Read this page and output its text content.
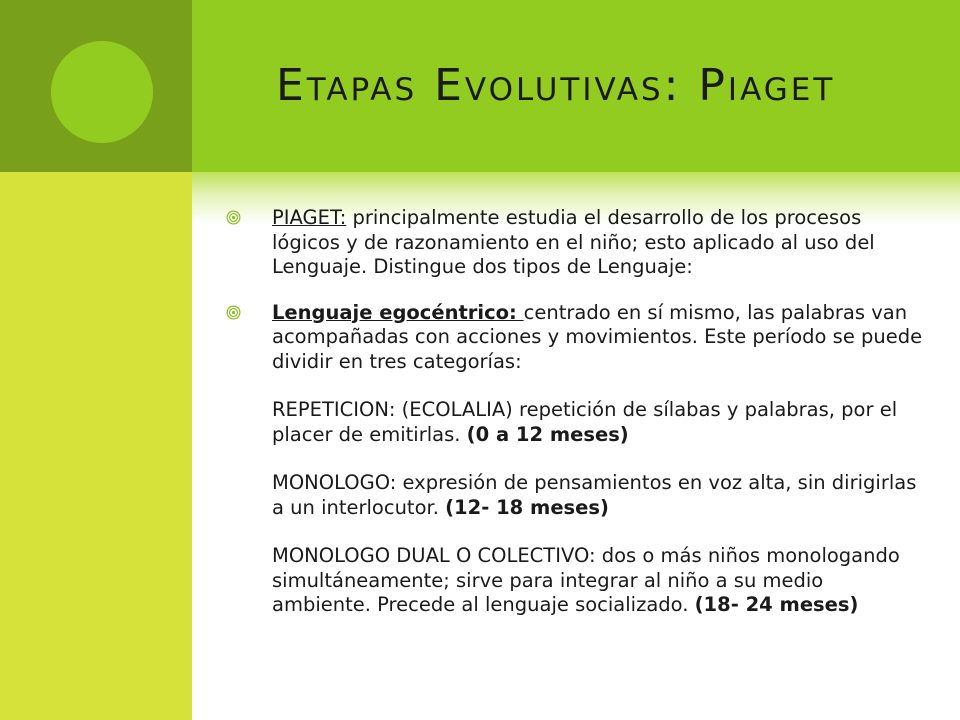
Etapas Evolutivas: Piaget

PIAGET: principalmente estudia el desarrollo de los procesos lógicos y de razonamiento en el niño; esto aplicado al uso del Lenguaje. Distingue dos tipos de Lenguaje:

Lenguaje egocéntrico: centrado en sí mismo, las palabras van acompañadas con acciones y movimientos. Este período se puede dividir en tres categorías:
REPETICION: (ECOLALIA) repetición de sílabas y palabras, por el placer de emitirlas. (0 a 12 meses)
MONOLOGO: expresión de pensamientos en voz alta, sin dirigirlas a un interlocutor. (12- 18 meses)
MONOLOGO DUAL O COLECTIVO: dos o más niños monologando simultáneamente; sirve para integrar al niño a su medio ambiente. Precede al lenguaje socializado. (18- 24 meses)
